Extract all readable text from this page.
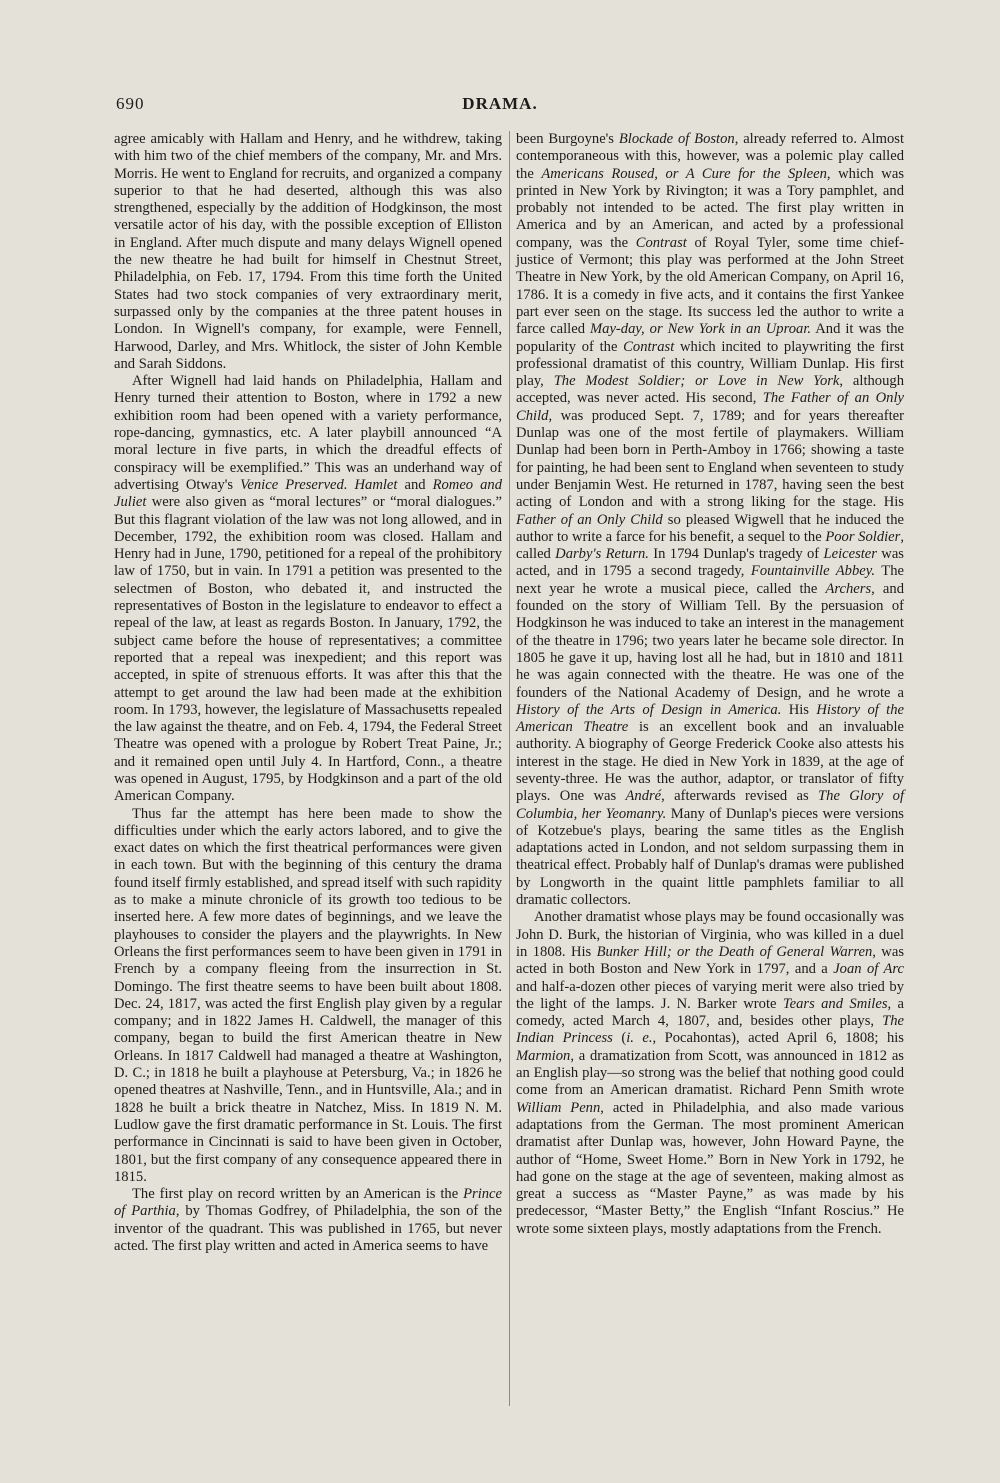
690	DRAMA.

agree amicably with Hallam and Henry, and he withdrew, taking with him two of the chief members of the company, Mr. and Mrs. Morris. He went to England for recruits, and organized a company superior to that he had deserted, although this was also strengthened, especially by the addition of Hodgkinson, the most versatile actor of his day, with the possible exception of Elliston in England. After much dispute and many delays Wignell opened the new theatre he had built for himself in Chestnut Street, Philadelphia, on Feb. 17, 1794. From this time forth the United States had two stock companies of very extraordinary merit, surpassed only by the companies at the three patent houses in London. In Wignell's company, for example, were Fennell, Harwood, Darley, and Mrs. Whitlock, the sister of John Kemble and Sarah Siddons.

After Wignell had laid hands on Philadelphia, Hallam and Henry turned their attention to Boston, where in 1792 a new exhibition room had been opened with a variety performance, rope-dancing, gymnastics, etc. A later playbill announced “A moral lecture in five parts, in which the dreadful effects of conspiracy will be exemplified.” This was an underhand way of advertising Otway's Venice Preserved. Hamlet and Romeo and Juliet were also given as “moral lectures” or “moral dialogues.” But this flagrant violation of the law was not long allowed, and in December, 1792, the exhibition room was closed. Hallam and Henry had in June, 1790, petitioned for a repeal of the prohibitory law of 1750, but in vain. In 1791 a petition was presented to the selectmen of Boston, who debated it, and instructed the representatives of Boston in the legislature to endeavor to effect a repeal of the law, at least as regards Boston. In January, 1792, the subject came before the house of representatives; a committee reported that a repeal was inexpedient; and this report was accepted, in spite of strenuous efforts. It was after this that the attempt to get around the law had been made at the exhibition room. In 1793, however, the legislature of Massachusetts repealed the law against the theatre, and on Feb. 4, 1794, the Federal Street Theatre was opened with a prologue by Robert Treat Paine, Jr.; and it remained open until July 4. In Hartford, Conn., a theatre was opened in August, 1795, by Hodgkinson and a part of the old American Company.

Thus far the attempt has here been made to show the difficulties under which the early actors labored, and to give the exact dates on which the first theatrical performances were given in each town. But with the beginning of this century the drama found itself firmly established, and spread itself with such rapidity as to make a minute chronicle of its growth too tedious to be inserted here. A few more dates of beginnings, and we leave the playhouses to consider the players and the playwrights. In New Orleans the first performances seem to have been given in 1791 in French by a company fleeing from the insurrection in St. Domingo. The first theatre seems to have been built about 1808. Dec. 24, 1817, was acted the first English play given by a regular company; and in 1822 James H. Caldwell, the manager of this company, began to build the first American theatre in New Orleans. In 1817 Caldwell had managed a theatre at Washington, D. C.; in 1818 he built a playhouse at Petersburg, Va.; in 1826 he opened theatres at Nashville, Tenn., and in Huntsville, Ala.; and in 1828 he built a brick theatre in Natchez, Miss. In 1819 N. M. Ludlow gave the first dramatic performance in St. Louis. The first performance in Cincinnati is said to have been given in October, 1801, but the first company of any consequence appeared there in 1815.

The first play on record written by an American is the Prince of Parthia, by Thomas Godfrey, of Philadelphia, the son of the inventor of the quadrant. This was published in 1765, but never acted. The first play written and acted in America seems to have

been Burgoyne's Blockade of Boston, already referred to. Almost contemporaneous with this, however, was a polemic play called the Americans Roused, or A Cure for the Spleen, which was printed in New York by Rivington; it was a Tory pamphlet, and probably not intended to be acted. The first play written in America and by an American, and acted by a professional company, was the Contrast of Royal Tyler, some time chief-justice of Vermont; this play was performed at the John Street Theatre in New York, by the old American Company, on April 16, 1786. It is a comedy in five acts, and it contains the first Yankee part ever seen on the stage. Its success led the author to write a farce called May-day, or New York in an Uproar. And it was the popularity of the Contrast which incited to playwriting the first professional dramatist of this country, William Dunlap. His first play, The Modest Soldier; or Love in New York, although accepted, was never acted. His second, The Father of an Only Child, was produced Sept. 7, 1789; and for years thereafter Dunlap was one of the most fertile of playmakers. William Dunlap had been born in Perth-Amboy in 1766; showing a taste for painting, he had been sent to England when seventeen to study under Benjamin West. He returned in 1787, having seen the best acting of London and with a strong liking for the stage. His Father of an Only Child so pleased Wigwell that he induced the author to write a farce for his benefit, a sequel to the Poor Soldier, called Darby's Return. In 1794 Dunlap's tragedy of Leicester was acted, and in 1795 a second tragedy, Fountainville Abbey. The next year he wrote a musical piece, called the Archers, and founded on the story of William Tell. By the persuasion of Hodgkinson he was induced to take an interest in the management of the theatre in 1796; two years later he became sole director. In 1805 he gave it up, having lost all he had, but in 1810 and 1811 he was again connected with the theatre. He was one of the founders of the National Academy of Design, and he wrote a History of the Arts of Design in America. His History of the American Theatre is an excellent book and an invaluable authority. A biography of George Frederick Cooke also attests his interest in the stage. He died in New York in 1839, at the age of seventy-three. He was the author, adaptor, or translator of fifty plays. One was André, afterwards revised as The Glory of Columbia, her Yeomanry. Many of Dunlap's pieces were versions of Kotzebue's plays, bearing the same titles as the English adaptations acted in London, and not seldom surpassing them in theatrical effect. Probably half of Dunlap's dramas were published by Longworth in the quaint little pamphlets familiar to all dramatic collectors.

Another dramatist whose plays may be found occasionally was John D. Burk, the historian of Virginia, who was killed in a duel in 1808. His Bunker Hill; or the Death of General Warren, was acted in both Boston and New York in 1797, and a Joan of Arc and half-a-dozen other pieces of varying merit were also tried by the light of the lamps. J. N. Barker wrote Tears and Smiles, a comedy, acted March 4, 1807, and, besides other plays, The Indian Princess (i. e., Pocahontas), acted April 6, 1808; his Marmion, a dramatization from Scott, was announced in 1812 as an English play—so strong was the belief that nothing good could come from an American dramatist. Richard Penn Smith wrote William Penn, acted in Philadelphia, and also made various adaptations from the German. The most prominent American dramatist after Dunlap was, however, John Howard Payne, the author of “Home, Sweet Home.” Born in New York in 1792, he had gone on the stage at the age of seventeen, making almost as great a success as “Master Payne,” as was made by his predecessor, “Master Betty,” the English “Infant Roscius.” He wrote some sixteen plays, mostly adaptations from the French.
